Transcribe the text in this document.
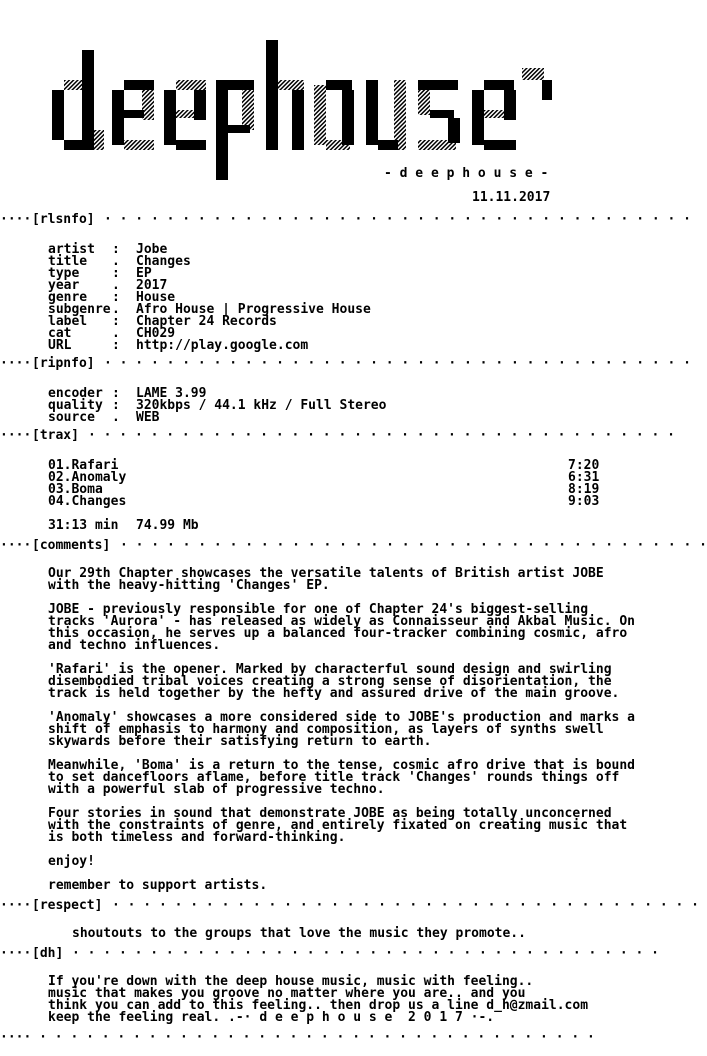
- d e e p h o u s e -
11.11.2017
···· [rlsnfo] · · · · · · · · · · · · · · · · · · · · · · · · · · · · · · · · · · · · · ·
artist : Jobe
title . Changes
type	: EP
year	. 2017
genre : House
subgenre . Afro House | Progressive House
label : Chapter 24 Records
cat	. CH029
URL	: http://play.google.com
···· [ripnfo] · · · · · · · · · · · · · · · · · · · · · · · · · · · · · · · · · · · · · ·
encoder : LAME 3.99
quality : 320kbps / 44.1 kHz / Full Stereo
source . WEB
···· [trax] · · · · · · · · · · · · · · · · · · · · · · · · · · · · · · · · · · · · · ·
01.Rafari	7:20
02.Anomaly	6:31
03.Boma	8:19
04.Changes	9:03
31:13 min 74.99 Mb
···· [comments] · · · · · · · · · · · · · · · · · · · · · · · · · · · · · · · · · · · · · ·
Our 29th Chapter showcases the versatile talents of British artist JOBE
with the heavy-hitting 'Changes' EP.
JOBE - previously responsible for one of Chapter 24's biggest-selling
tracks 'Aurora' - has released as widely as Connaisseur and Akbal Music. On
this occasion, he serves up a balanced four-tracker combining cosmic, afro
and techno influences.
'Rafari' is the opener. Marked by characterful sound design and swirling
disembodied tribal voices creating a strong sense of disorientation, the
track is held together by the hefty and assured drive of the main groove.
'Anomaly' showcases a more considered side to JOBE's production and marks a
shift of emphasis to harmony and composition, as layers of synths swell
skywards before their satisfying return to earth.
Meanwhile, 'Boma' is a return to the tense, cosmic afro drive that is bound
to set dancefloors aflame, before title track 'Changes' rounds things off
with a powerful slab of progressive techno.
Four stories in sound that demonstrate JOBE as being totally unconcerned
with the constraints of genre, and entirely fixated on creating music that
is both timeless and forward-thinking.
enjoy!
remember to support artists.
···· [respect] · · · · · · · · · · · · · · · · · · · · · · · · · · · · · · · · · · · · · ·
shoutouts to the groups that love the music they promote..
···· [dh] · · · · · · · · · · · · · · · · · · · · · · · · · · · · · · · · · · · · · ·
If you're down with the deep house music, music with feeling..
music that makes you groove no matter where you are.. and you
think you can add to this feeling.. then drop us a line d_h@zmail.com
keep the feeling real. .-· d e e p h o u s e  2 0 1 7 ·-.
···· · · · · · · · · · · · · · · · · · · · · · · · · · · · · · · · · · · · ·
